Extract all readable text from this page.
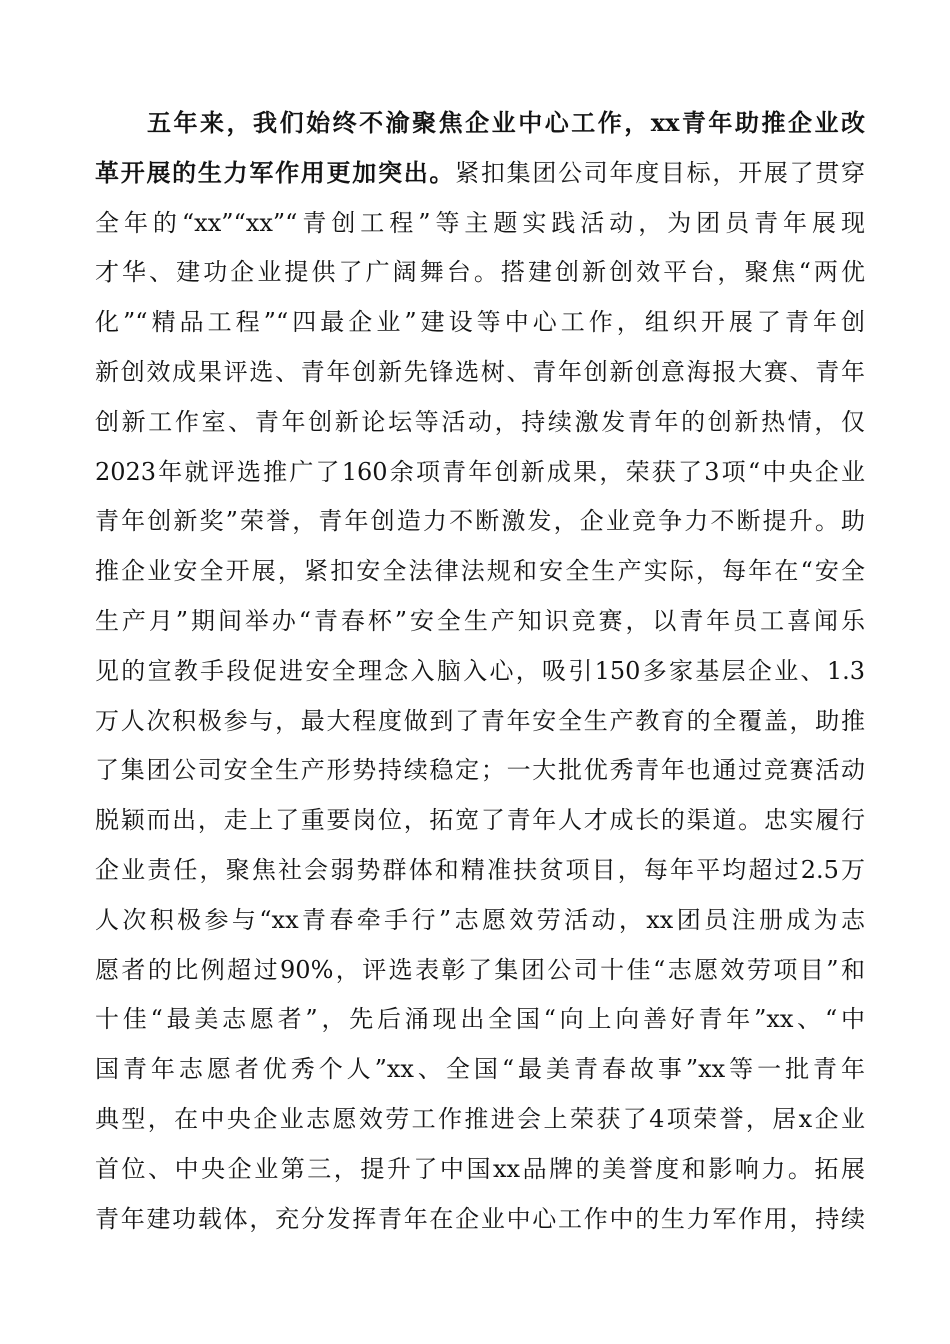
五年来，我们始终不渝聚焦企业中心工作，xx青年助推企业改
革开展的生力军作用更加突出。紧扣集团公司年度目标，开展了贯穿
全年的“xx”“xx”“青创工程”等主题实践活动，为团员青年展现
才华、建功企业提供了广阔舞台。搭建创新创效平台，聚焦“两优
化”“精品工程”“四最企业”建设等中心工作，组织开展了青年创
新创效成果评选、青年创新先锋选树、青年创新创意海报大赛、青年
创新工作室、青年创新论坛等活动，持续激发青年的创新热情，仅
2023年就评选推广了160余项青年创新成果，荣获了3项“中央企业
青年创新奖”荣誉，青年创造力不断激发，企业竞争力不断提升。助
推企业安全开展，紧扣安全法律法规和安全生产实际，每年在“安全
生产月”期间举办“青春杯”安全生产知识竞赛，以青年员工喜闻乐
见的宣教手段促进安全理念入脑入心，吸引150多家基层企业、1.3
万人次积极参与，最大程度做到了青年安全生产教育的全覆盖，助推
了集团公司安全生产形势持续稳定；一大批优秀青年也通过竞赛活动
脱颖而出，走上了重要岗位，拓宽了青年人才成长的渠道。忠实履行
企业责任，聚焦社会弱势群体和精准扶贫项目，每年平均超过2.5万
人次积极参与“xx青春牵手行”志愿效劳活动，xx团员注册成为志
愿者的比例超过90%，评选表彰了集团公司十佳“志愿效劳项目”和
十佳“最美志愿者”，先后涌现出全国“向上向善好青年”xx、“中
国青年志愿者优秀个人”xx、全国“最美青春故事”xx等一批青年
典型，在中央企业志愿效劳工作推进会上荣获了4项荣誉，居x企业
首位、中央企业第三，提升了中国xx品牌的美誉度和影响力。拓展
青年建功载体，充分发挥青年在企业中心工作中的生力军作用，持续
